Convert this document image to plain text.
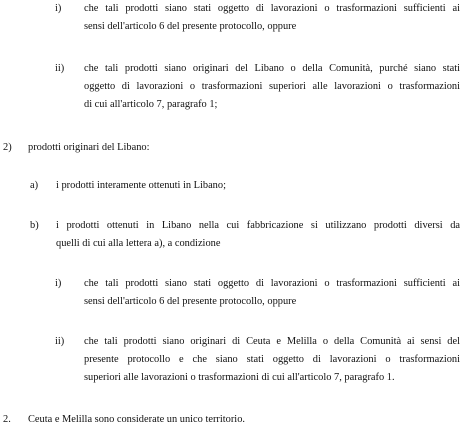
i) che tali prodotti siano stati oggetto di lavorazioni o trasformazioni sufficienti ai
sensi dell'articolo 6 del presente protocollo, oppure
ii) che tali prodotti siano originari del Libano o della Comunità, purché siano stati
oggetto di lavorazioni o trasformazioni superiori alle lavorazioni o trasformazioni
di cui all'articolo 7, paragrafo 1;
2) prodotti originari del Libano:
a) i prodotti interamente ottenuti in Libano;
b) i prodotti ottenuti in Libano nella cui fabbricazione si utilizzano prodotti diversi da
quelli di cui alla lettera a), a condizione
i) che tali prodotti siano stati oggetto di lavorazioni o trasformazioni sufficienti ai
sensi dell'articolo 6 del presente protocollo, oppure
ii) che tali prodotti siano originari di Ceuta e Melilla o della Comunità ai sensi del
presente protocollo e che siano stati oggetto di lavorazioni o trasformazioni
superiori alle lavorazioni o trasformazioni di cui all'articolo 7, paragrafo 1.
2. Ceuta e Melilla sono considerate un unico territorio.
